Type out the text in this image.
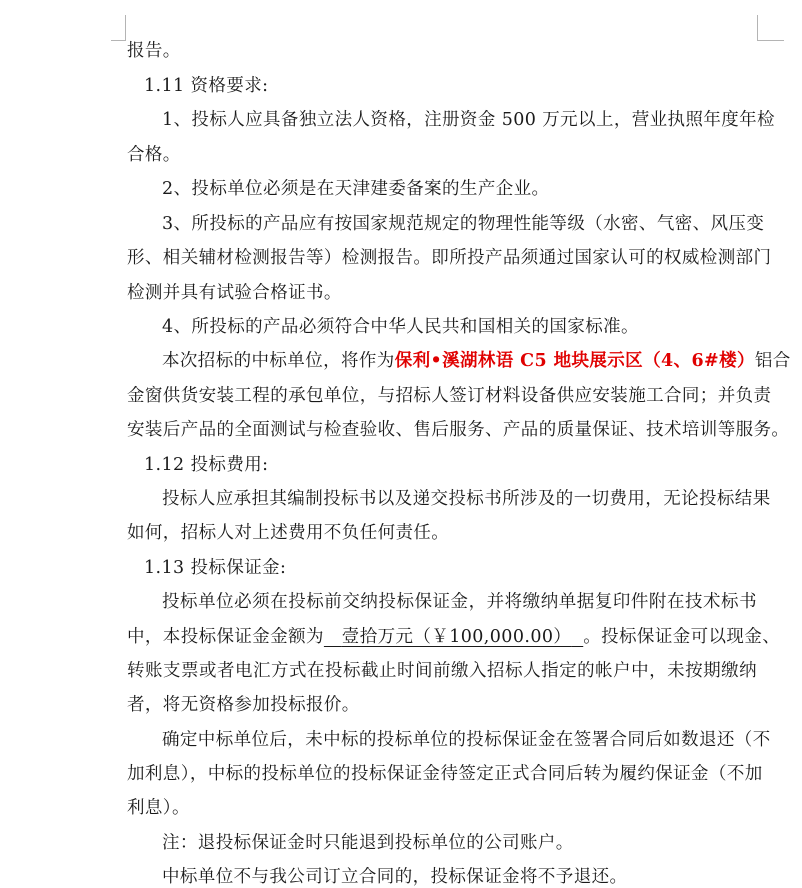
报告。
1.11 资格要求:
1、投标人应具备独立法人资格，注册资金 500 万元以上，营业执照年度年检
合格。
2、投标单位必须是在天津建委备案的生产企业。
3、所投标的产品应有按国家规范规定的物理性能等级（水密、气密、风压变
形、相关辅材检测报告等）检测报告。即所投产品须通过国家认可的权威检测部门
检测并具有试验合格证书。
4、所投标的产品必须符合中华人民共和国相关的国家标准。
本次招标的中标单位，将作为保利•溪湖林语 C5 地块展示区（4、6#楼）铝合
金窗供货安装工程的承包单位，与招标人签订材料设备供应安装施工合同；并负责
安装后产品的全面测试与检查验收、售后服务、产品的质量保证、技术培训等服务。
1.12 投标费用:
投标人应承担其编制投标书以及递交投标书所涉及的一切费用，无论投标结果
如何，招标人对上述费用不负任何责任。
1.13 投标保证金:
投标单位必须在投标前交纳投标保证金，并将缴纳单据复印件附在技术标书
中，本投标保证金金额为 壹拾万元（￥100,000.00） 。投标保证金可以现金、
转账支票或者电汇方式在投标截止时间前缴入招标人指定的帐户中，未按期缴纳
者，将无资格参加投标报价。
确定中标单位后，未中标的投标单位的投标保证金在签署合同后如数退还（不
加利息），中标的投标单位的投标保证金待签定正式合同后转为履约保证金（不加
利息）。
注：退投标保证金时只能退到投标单位的公司账户。
中标单位不与我公司订立合同的，投标保证金将不予退还。
